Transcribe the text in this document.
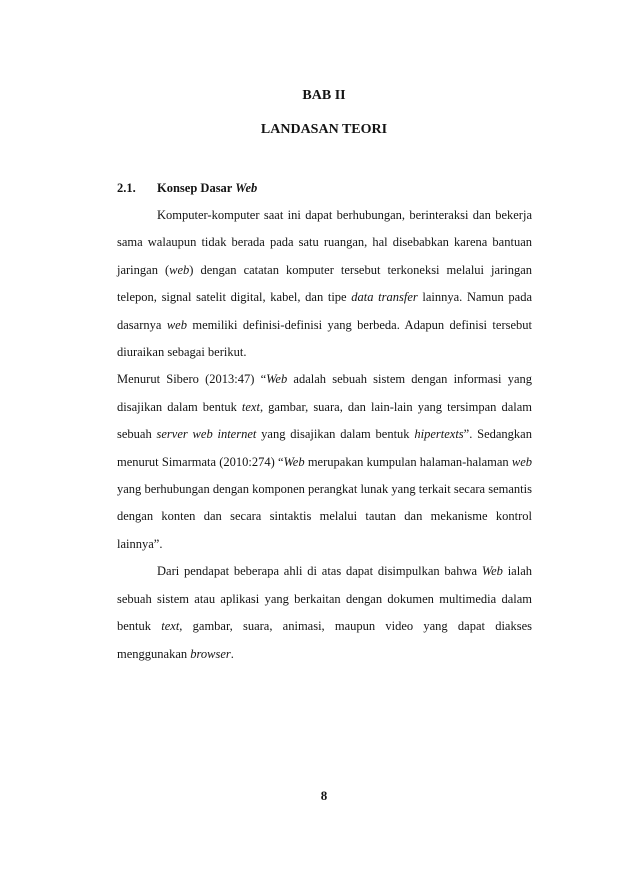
BAB II
LANDASAN TEORI
2.1. Konsep Dasar Web

Komputer-komputer saat ini dapat berhubungan, berinteraksi dan bekerja sama walaupun tidak berada pada satu ruangan, hal disebabkan karena bantuan jaringan (web) dengan catatan komputer tersebut terkoneksi melalui jaringan telepon, signal satelit digital, kabel, dan tipe data transfer lainnya. Namun pada dasarnya web memiliki definisi-definisi yang berbeda. Adapun definisi tersebut diuraikan sebagai berikut.

Menurut Sibero (2013:47) “Web adalah sebuah sistem dengan informasi yang disajikan dalam bentuk text, gambar, suara, dan lain-lain yang tersimpan dalam sebuah server web internet yang disajikan dalam bentuk hipertexts”. Sedangkan menurut Simarmata (2010:274) “Web merupakan kumpulan halaman-halaman web yang berhubungan dengan komponen perangkat lunak yang terkait secara semantis dengan konten dan secara sintaktis melalui tautan dan mekanisme kontrol lainnya”.

Dari pendapat beberapa ahli di atas dapat disimpulkan bahwa Web ialah sebuah sistem atau aplikasi yang berkaitan dengan dokumen multimedia dalam bentuk text, gambar, suara, animasi, maupun video yang dapat diakses menggunakan browser.

8
